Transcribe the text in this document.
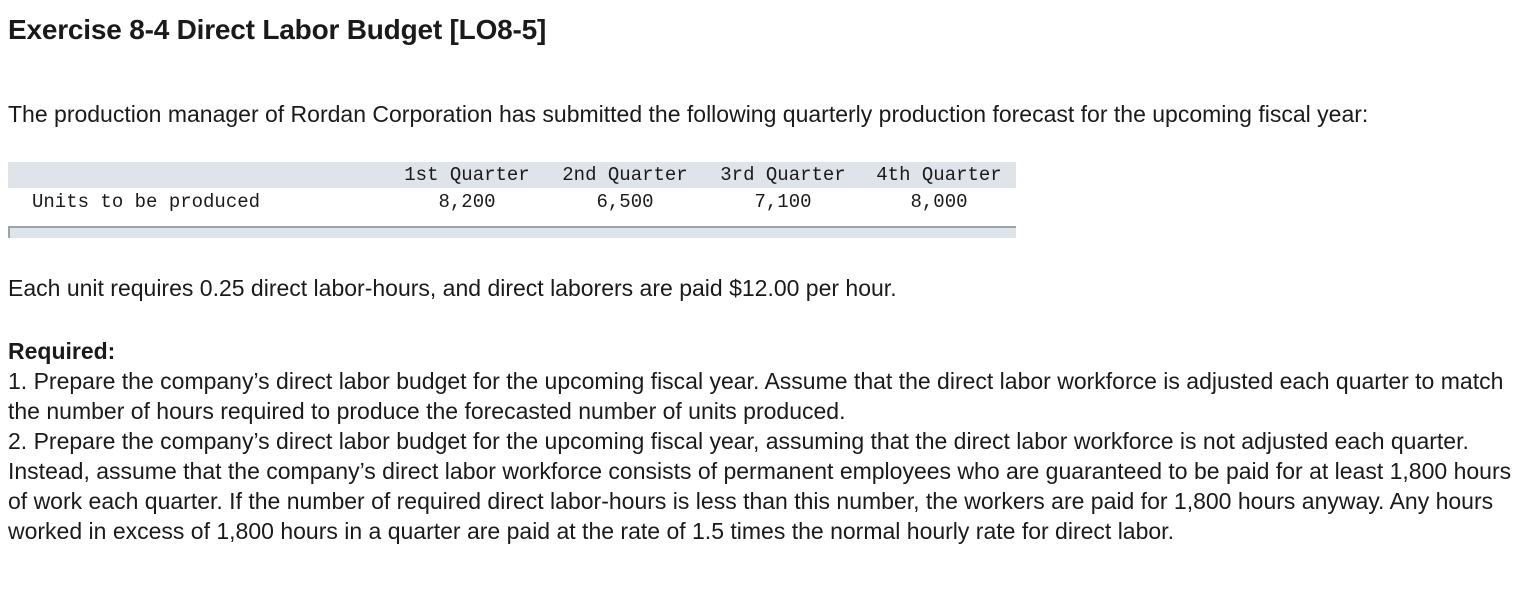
Exercise 8-4 Direct Labor Budget [LO8-5]
The production manager of Rordan Corporation has submitted the following quarterly production forecast for the upcoming fiscal year:
	1st Quarter	2nd Quarter	3rd Quarter	4th Quarter
Units to be produced	8,200	6,500	7,100	8,000
Each unit requires 0.25 direct labor-hours, and direct laborers are paid $12.00 per hour.
Required:
1. Prepare the company’s direct labor budget for the upcoming fiscal year. Assume that the direct labor workforce is adjusted each quarter to match the number of hours required to produce the forecasted number of units produced.
2. Prepare the company’s direct labor budget for the upcoming fiscal year, assuming that the direct labor workforce is not adjusted each quarter. Instead, assume that the company’s direct labor workforce consists of permanent employees who are guaranteed to be paid for at least 1,800 hours of work each quarter. If the number of required direct labor-hours is less than this number, the workers are paid for 1,800 hours anyway. Any hours worked in excess of 1,800 hours in a quarter are paid at the rate of 1.5 times the normal hourly rate for direct labor.
